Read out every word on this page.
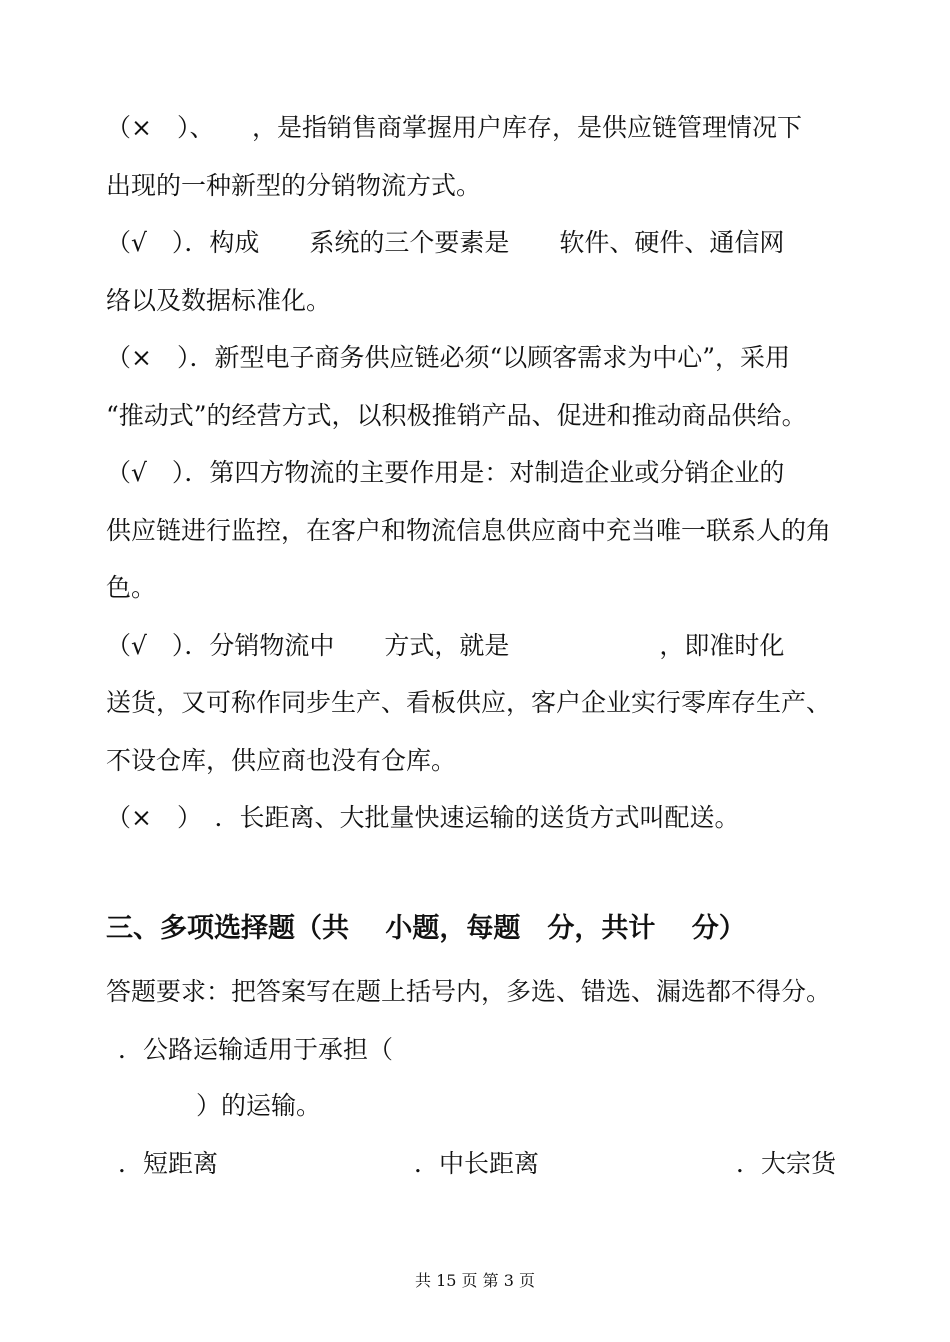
（×　）、　　，是指销售商掌握用户库存，是供应链管理情况下
出现的一种新型的分销物流方式。
（√　）．构成　　系统的三个要素是　　软件、硬件、通信网
络以及数据标准化。
（×　）．新型电子商务供应链必须“以顾客需求为中心”，采用
“推动式”的经营方式，以积极推销产品、促进和推动商品供给。
（√　）．第四方物流的主要作用是：对制造企业或分销企业的
供应链进行监控，在客户和物流信息供应商中充当唯一联系人的角
色。
（√　）．分销物流中　　方式，就是　　　　　　，即准时化
送货，又可称作同步生产、看板供应，客户企业实行零库存生产、
不设仓库，供应商也没有仓库。
（×　）　．长距离、大批量快速运输的送货方式叫配送。
三、多项选择题（共　 小题，每题　分，共计　 分）
答题要求：把答案写在题上括号内，多选、错选、漏选都不得分。
．公路运输适用于承担（
）的运输。
．短距离	．中长距离	．大宗货
共 15 页 第 3 页
